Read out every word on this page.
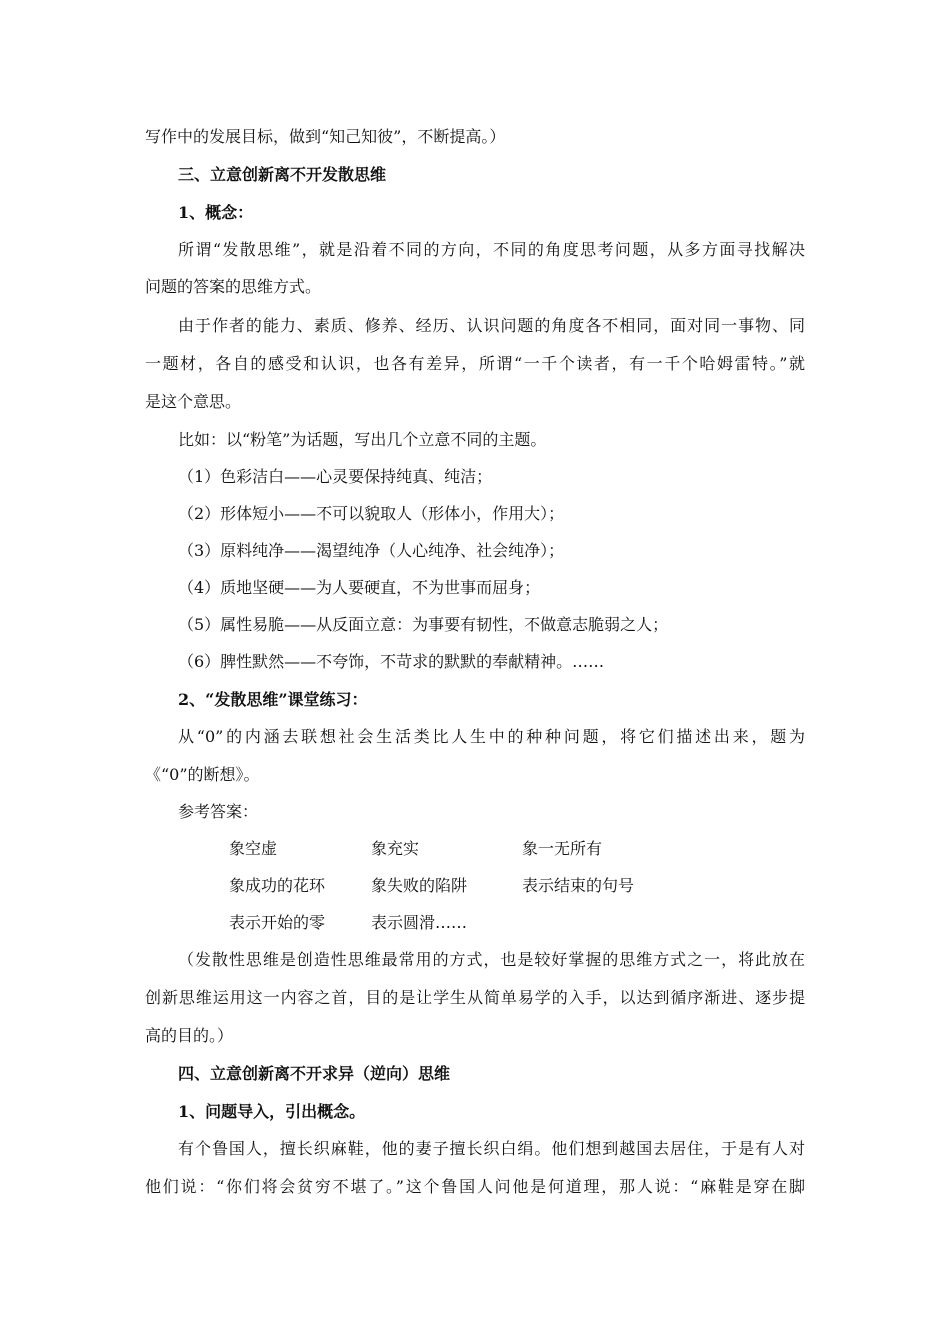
写作中的发展目标，做到“知己知彼”，不断提高。）
三、立意创新离不开发散思维
1、概念：
所谓“发散思维”，就是沿着不同的方向，不同的角度思考问题，从多方面寻找解决
问题的答案的思维方式。
由于作者的能力、素质、修养、经历、认识问题的角度各不相同，面对同一事物、同
一题材，各自的感受和认识，也各有差异，所谓“一千个读者，有一千个哈姆雷特。”就
是这个意思。
比如：以“粉笔”为话题，写出几个立意不同的主题。
（1）色彩洁白——心灵要保持纯真、纯洁；
（2）形体短小——不可以貌取人（形体小，作用大）；
（3）原料纯净——渴望纯净（人心纯净、社会纯净）；
（4）质地坚硬——为人要硬直，不为世事而屈身；
（5）属性易脆——从反面立意：为事要有韧性，不做意志脆弱之人；
（6）脾性默然——不夸饰，不苛求的默默的奉献精神。……
2、“发散思维”课堂练习：
从“0”的内涵去联想社会生活类比人生中的种种问题，将它们描述出来，题为
《“0”的断想》。
参考答案：
象空虚	象充实	象一无所有
象成功的花环	象失败的陷阱	表示结束的句号
表示开始的零	表示圆滑……
（发散性思维是创造性思维最常用的方式，也是较好掌握的思维方式之一，将此放在
创新思维运用这一内容之首，目的是让学生从简单易学的入手，以达到循序渐进、逐步提
高的目的。）
四、立意创新离不开求异（逆向）思维
1、问题导入，引出概念。
有个鲁国人，擅长织麻鞋，他的妻子擅长织白绢。他们想到越国去居住，于是有人对
他们说：“你们将会贫穷不堪了。”这个鲁国人问他是何道理，那人说：“麻鞋是穿在脚
